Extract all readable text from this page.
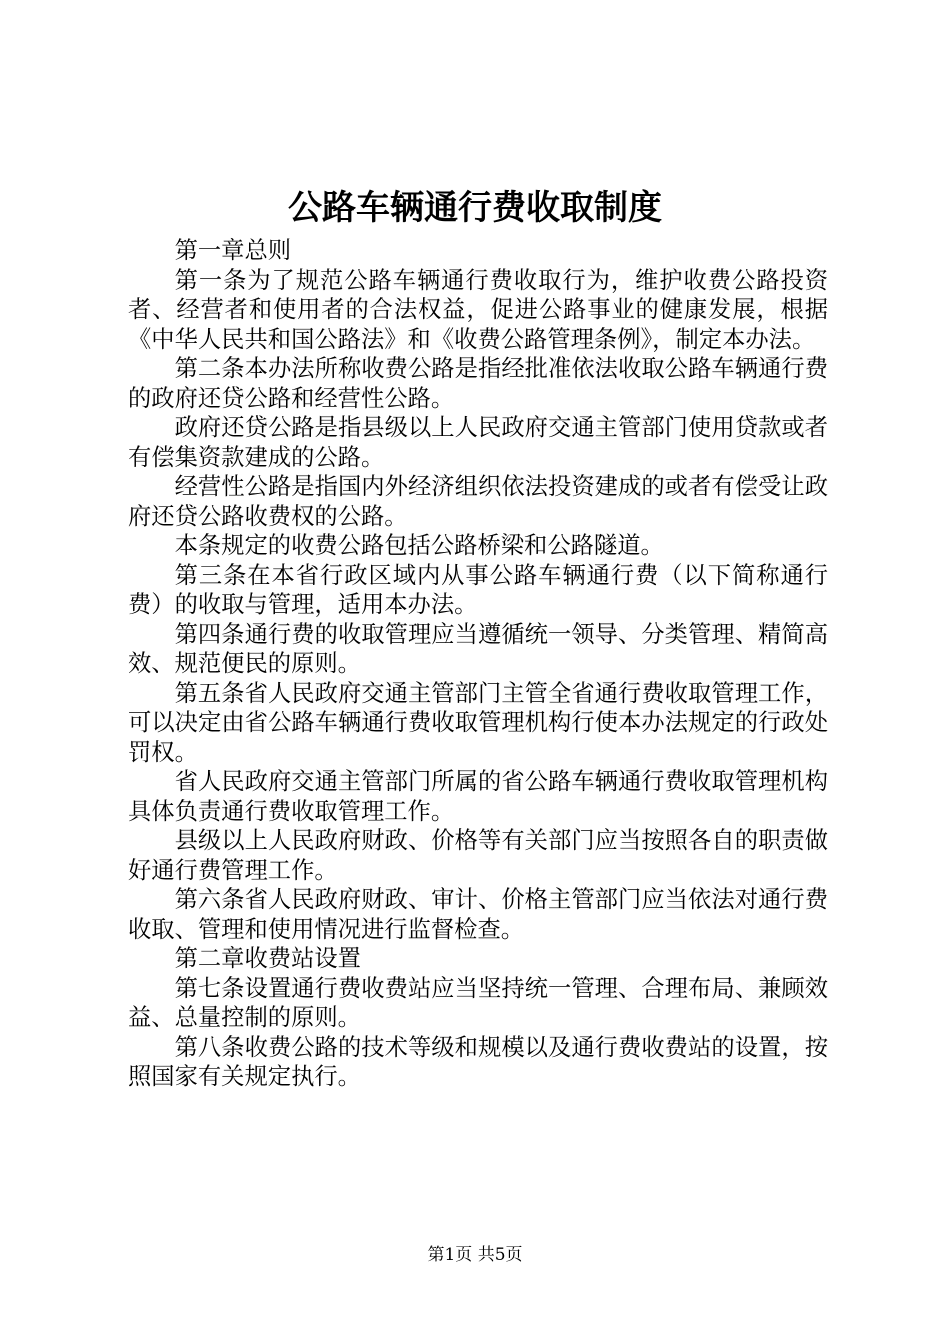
公路车辆通行费收取制度

第一章总则

第一条为了规范公路车辆通行费收取行为，维护收费公路投资者、经营者和使用者的合法权益，促进公路事业的健康发展，根据《中华人民共和国公路法》和《收费公路管理条例》，制定本办法。

第二条本办法所称收费公路是指经批准依法收取公路车辆通行费的政府还贷公路和经营性公路。

政府还贷公路是指县级以上人民政府交通主管部门使用贷款或者有偿集资款建成的公路。

经营性公路是指国内外经济组织依法投资建成的或者有偿受让政府还贷公路收费权的公路。

本条规定的收费公路包括公路桥梁和公路隧道。

第三条在本省行政区域内从事公路车辆通行费（以下简称通行费）的收取与管理，适用本办法。

第四条通行费的收取管理应当遵循统一领导、分类管理、精简高效、规范便民的原则。

第五条省人民政府交通主管部门主管全省通行费收取管理工作，可以决定由省公路车辆通行费收取管理机构行使本办法规定的行政处罚权。

省人民政府交通主管部门所属的省公路车辆通行费收取管理机构具体负责通行费收取管理工作。

县级以上人民政府财政、价格等有关部门应当按照各自的职责做好通行费管理工作。

第六条省人民政府财政、审计、价格主管部门应当依法对通行费收取、管理和使用情况进行监督检查。

第二章收费站设置

第七条设置通行费收费站应当坚持统一管理、合理布局、兼顾效益、总量控制的原则。

第八条收费公路的技术等级和规模以及通行费收费站的设置，按照国家有关规定执行。

第1页 共5页
